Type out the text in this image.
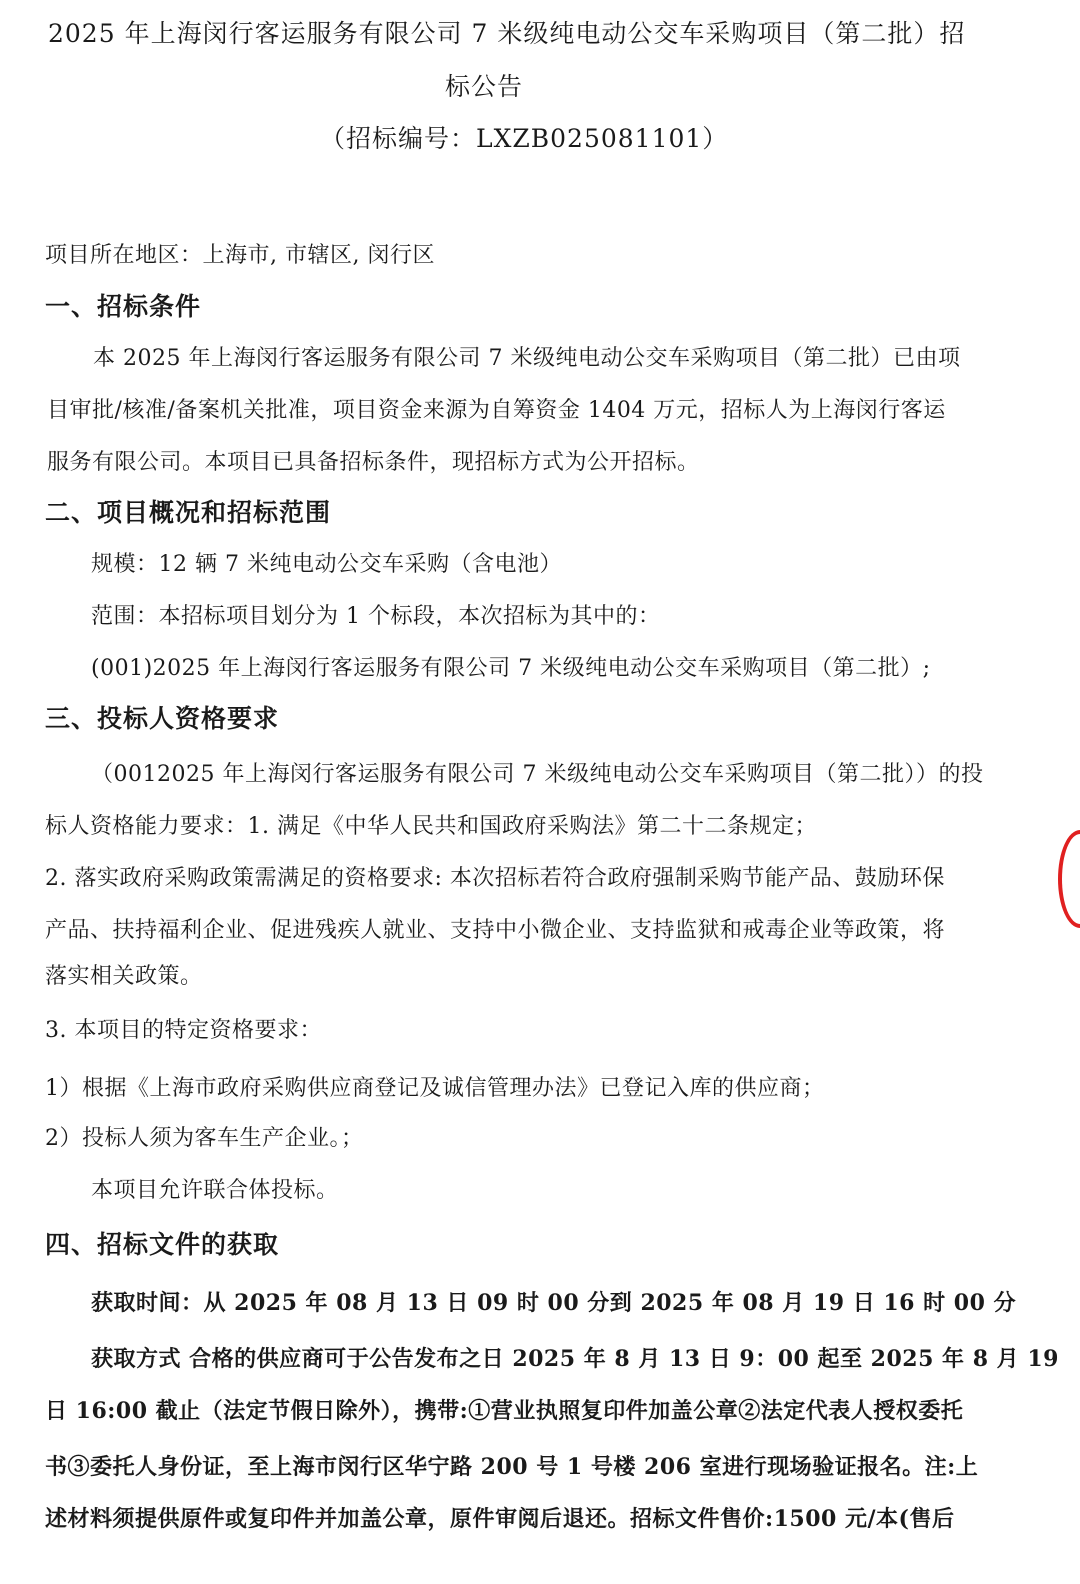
2025 年上海闵行客运服务有限公司 7 米级纯电动公交车采购项目（第二批）招
标公告
（招标编号：LXZB025081101）
项目所在地区：上海市, 市辖区, 闵行区
一、招标条件
本 2025 年上海闵行客运服务有限公司 7 米级纯电动公交车采购项目（第二批）已由项
目审批/核准/备案机关批准，项目资金来源为自筹资金 1404 万元，招标人为上海闵行客运
服务有限公司。本项目已具备招标条件，现招标方式为公开招标。
二、项目概况和招标范围
规模：12 辆 7 米纯电动公交车采购（含电池）
范围：本招标项目划分为 1 个标段，本次招标为其中的：
(001)2025 年上海闵行客运服务有限公司 7 米级纯电动公交车采购项目（第二批）;
三、投标人资格要求
（0012025 年上海闵行客运服务有限公司 7 米级纯电动公交车采购项目（第二批））的投
标人资格能力要求：1. 满足《中华人民共和国政府采购法》第二十二条规定；
2. 落实政府采购政策需满足的资格要求: 本次招标若符合政府强制采购节能产品、鼓励环保
产品、扶持福利企业、促进残疾人就业、支持中小微企业、支持监狱和戒毒企业等政策，将
落实相关政策。
3. 本项目的特定资格要求：
1）根据《上海市政府采购供应商登记及诚信管理办法》已登记入库的供应商；
2）投标人须为客车生产企业。；
本项目允许联合体投标。
四、招标文件的获取
获取时间：从 2025 年 08 月 13 日 09 时 00 分到 2025 年 08 月 19 日 16 时 00 分
获取方式 合格的供应商可于公告发布之日 2025 年 8 月 13 日 9：00 起至 2025 年 8 月 19
日 16:00 截止（法定节假日除外），携带:①营业执照复印件加盖公章②法定代表人授权委托
书③委托人身份证，至上海市闵行区华宁路 200 号 1 号楼 206 室进行现场验证报名。注:上
述材料须提供原件或复印件并加盖公章，原件审阅后退还。招标文件售价:1500 元/本(售后
